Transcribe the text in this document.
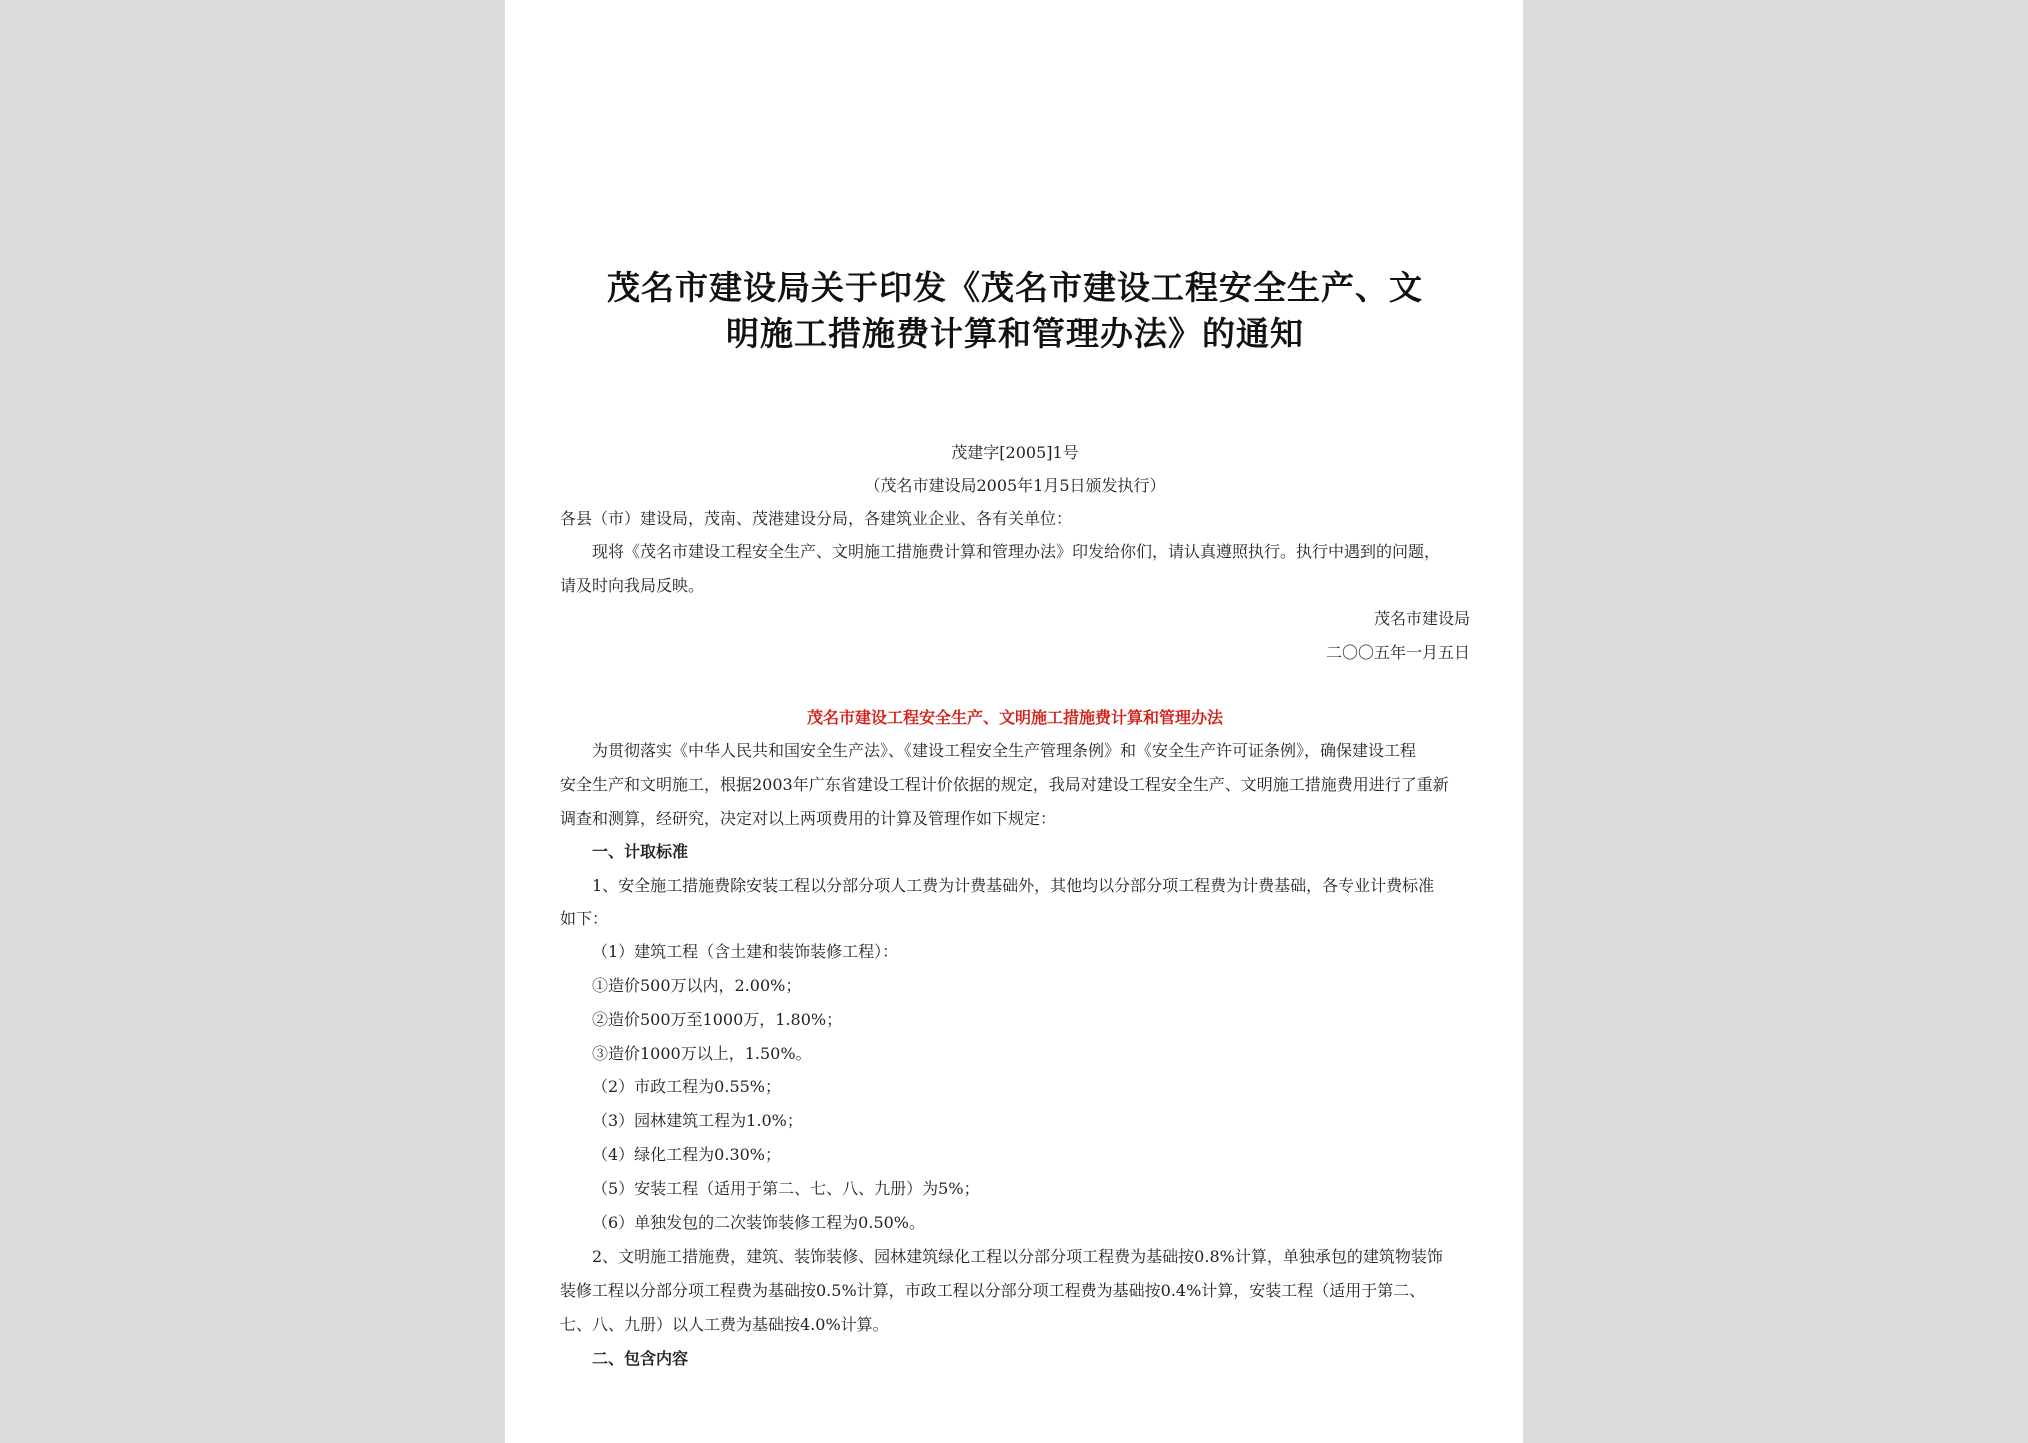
茂名市建设局关于印发《茂名市建设工程安全生产、文
明施工措施费计算和管理办法》的通知
茂建字[2005]1号
（茂名市建设局2005年1月5日颁发执行）
各县（市）建设局，茂南、茂港建设分局，各建筑业企业、各有关单位：
现将《茂名市建设工程安全生产、文明施工措施费计算和管理办法》印发给你们，请认真遵照执行。执行中遇到的问题，
请及时向我局反映。
茂名市建设局
二〇〇五年一月五日
茂名市建设工程安全生产、文明施工措施费计算和管理办法
为贯彻落实《中华人民共和国安全生产法》、《建设工程安全生产管理条例》和《安全生产许可证条例》，确保建设工程
安全生产和文明施工，根据2003年广东省建设工程计价依据的规定，我局对建设工程安全生产、文明施工措施费用进行了重新
调查和测算，经研究，决定对以上两项费用的计算及管理作如下规定：
一、计取标准
1、安全施工措施费除安装工程以分部分项人工费为计费基础外，其他均以分部分项工程费为计费基础，各专业计费标准
如下：
（1）建筑工程（含土建和装饰装修工程）：
①造价500万以内，2.00%；
②造价500万至1000万，1.80%；
③造价1000万以上，1.50%。
（2）市政工程为0.55%；
（3）园林建筑工程为1.0%；
（4）绿化工程为0.30%；
（5）安装工程（适用于第二、七、八、九册）为5%；
（6）单独发包的二次装饰装修工程为0.50%。
2、文明施工措施费，建筑、装饰装修、园林建筑绿化工程以分部分项工程费为基础按0.8%计算，单独承包的建筑物装饰
装修工程以分部分项工程费为基础按0.5%计算，市政工程以分部分项工程费为基础按0.4%计算，安装工程（适用于第二、
七、八、九册）以人工费为基础按4.0%计算。
二、包含内容
